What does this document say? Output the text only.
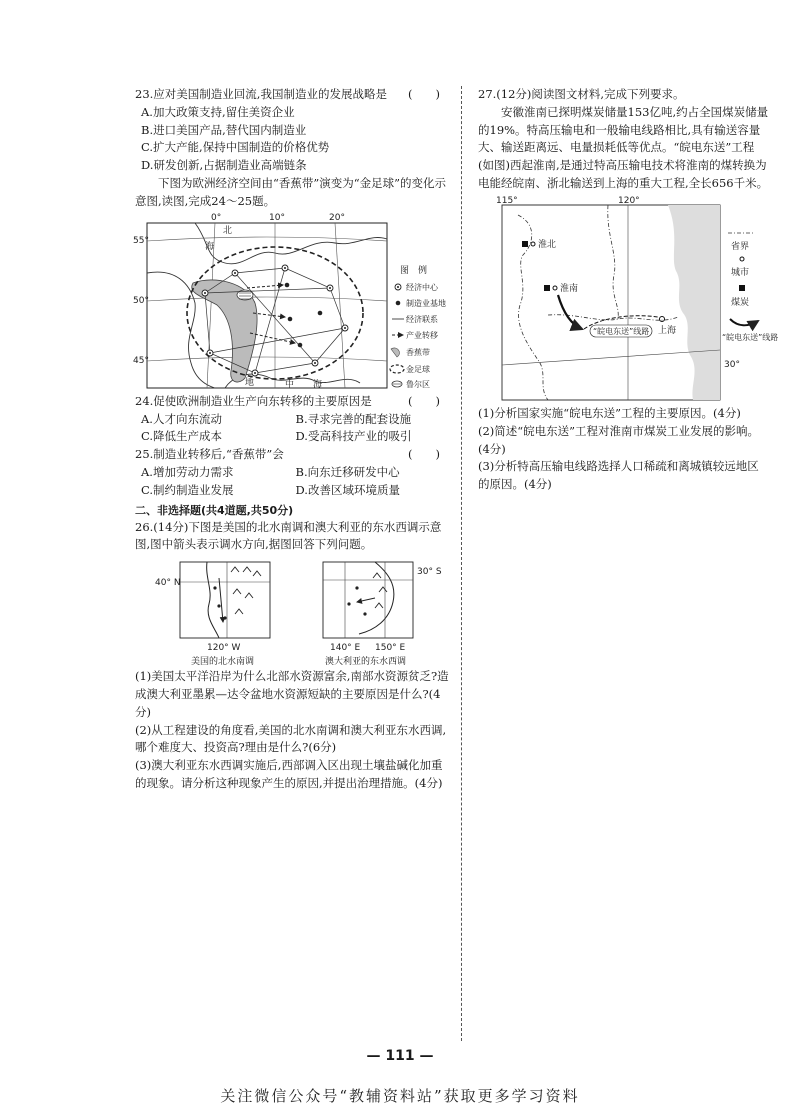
23.应对美国制造业回流,我国制造业的发展战略是 (　　)

A.加大政策支持,留住美资企业

B.进口美国产品,替代国内制造业

C.扩大产能,保持中国制造的价格优势

D.研发创新,占据制造业高端链条

下图为欧洲经济空间由“香蕉带”演变为“金足球”的变化示意图,读图,完成24～25题。

0°	10°	20°
55°
50°
45°
北
海
地	中 海
图　例
经济中心
制造业基地
经济联系
产业转移
香蕉带
金足球
鲁尔区

24.促使欧洲制造业生产向东转移的主要原因是	(　　)

A.人才向东流动	B.寻求完善的配套设施
C.降低生产成本	D.受高科技产业的吸引

25.制造业转移后,“香蕉带”会	(　　)

A.增加劳动力需求	B.向东迁移研发中心
C.制约制造业发展	D.改善区域环境质量

二、非选择题(共4道题,共50分)

26.(14分)下图是美国的北水南调和澳大利亚的东水西调示意图,图中箭头表示调水方向,据图回答下列问题。

40° N
120° W
30° S
140° E 150° E
美国的北水南调	澳大利亚的东水西调

(1)美国太平洋沿岸为什么北部水资源富余,南部水资源贫乏?造成澳大利亚墨累—达令盆地水资源短缺的主要原因是什么?(4分)

(2)从工程建设的角度看,美国的北水南调和澳大利亚东水西调,哪个难度大、投资高?理由是什么?(6分)

(3)澳大利亚东水西调实施后,西部调入区出现土壤盐碱化加重的现象。请分析这种现象产生的原因,并提出治理措施。(4分)

27.(12分)阅读图文材料,完成下列要求。

安徽淮南已探明煤炭储量153亿吨,约占全国煤炭储量的19%。特高压输电和一般输电线路相比,具有输送容量大、输送距离远、电量损耗低等优点。“皖电东送”工程(如图)西起淮南,是通过特高压输电技术将淮南的煤转换为电能经皖南、浙北输送到上海的重大工程,全长656千米。

淮北
淮南
上海
“皖电东送”线路
115°	120°
30°
省界
城市
煤炭
“皖电东送”线路

(1)分析国家实施“皖电东送”工程的主要原因。(4分)

(2)简述“皖电东送”工程对淮南市煤炭工业发展的影响。(4分)

(3)分析特高压输电线路选择人口稀疏和离城镇较远地区的原因。(4分)

— 111 —
关注微信公众号“教辅资料站”获取更多学习资料
